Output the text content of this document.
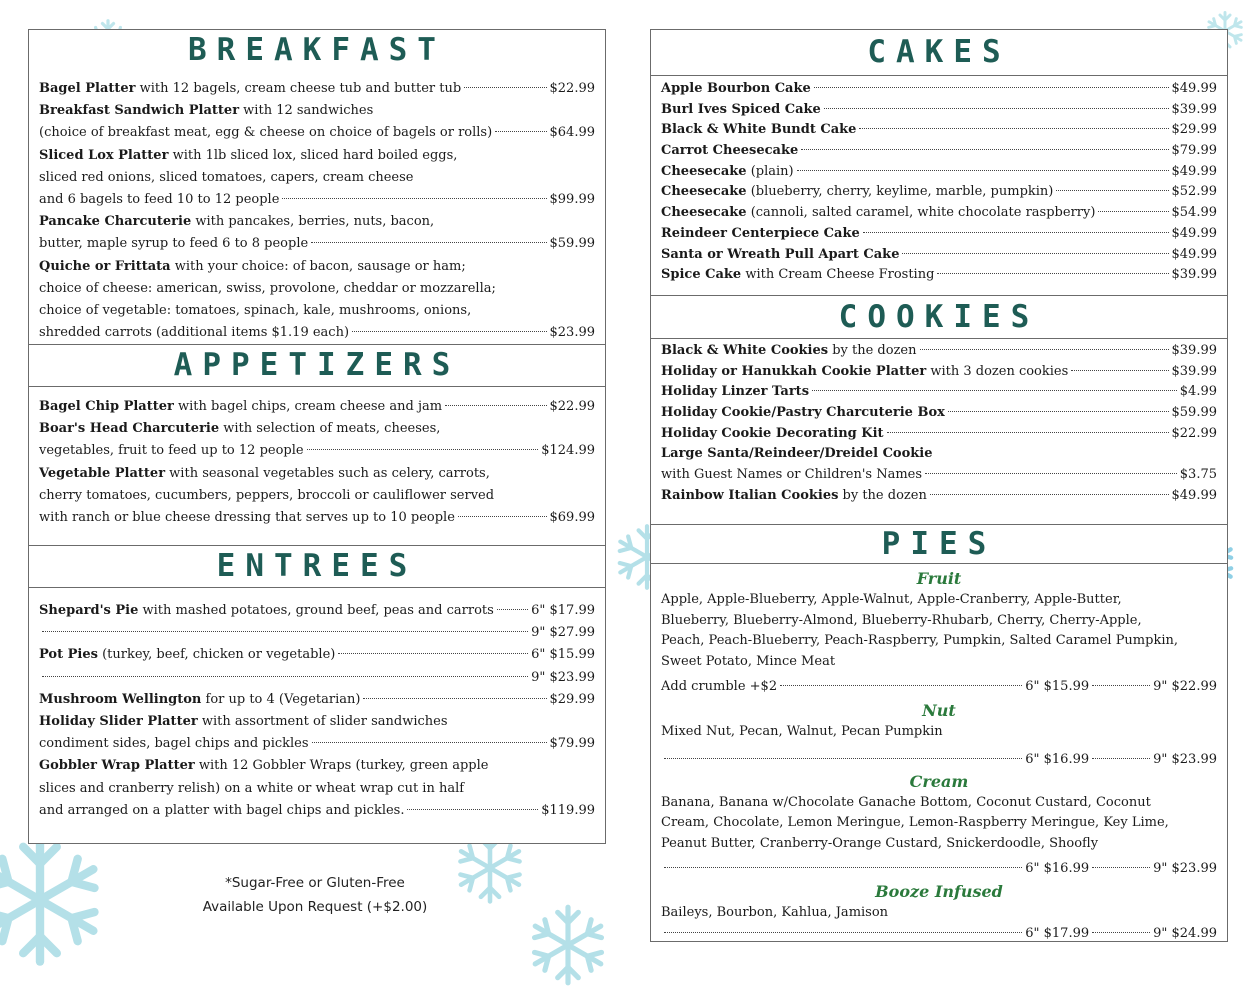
BREAKFAST
Bagel Platter with 12 bagels, cream cheese tub and butter tub	$22.99
Breakfast Sandwich Platter with 12 sandwiches
(choice of breakfast meat, egg & cheese on choice of bagels or rolls)	$64.99
Sliced Lox Platter with 1lb sliced lox, sliced hard boiled eggs,
sliced red onions, sliced tomatoes, capers, cream cheese
and 6 bagels to feed 10 to 12 people	$99.99
Pancake Charcuterie with pancakes, berries, nuts, bacon,
butter, maple syrup to feed 6 to 8 people	$59.99
Quiche or Frittata with your choice: of bacon, sausage or ham;
choice of cheese: american, swiss, provolone, cheddar or mozzarella;
choice of vegetable: tomatoes, spinach, kale, mushrooms, onions,
shredded carrots (additional items $1.19 each)	$23.99
APPETIZERS
Bagel Chip Platter with bagel chips, cream cheese and jam	$22.99
Boar's Head Charcuterie with selection of meats, cheeses,
vegetables, fruit to feed up to 12 people	$124.99
Vegetable Platter with seasonal vegetables such as celery, carrots,
cherry tomatoes, cucumbers, peppers, broccoli or cauliflower served
with ranch or blue cheese dressing that serves up to 10 people	$69.99
ENTREES
Shepard's Pie with mashed potatoes, ground beef, peas and carrots	6" $17.99
9" $27.99
Pot Pies (turkey, beef, chicken or vegetable)	6" $15.99
9" $23.99
Mushroom Wellington for up to 4 (Vegetarian)	$29.99
Holiday Slider Platter with assortment of slider sandwiches
condiment sides, bagel chips and pickles	$79.99
Gobbler Wrap Platter with 12 Gobbler Wraps (turkey, green apple
slices and cranberry relish) on a white or wheat wrap cut in half
and arranged on a platter with bagel chips and pickles.	$119.99
*Sugar-Free or Gluten-Free
Available Upon Request (+$2.00)
CAKES
Apple Bourbon Cake	$49.99
Burl Ives Spiced Cake	$39.99
Black & White Bundt Cake	$29.99
Carrot Cheesecake	$79.99
Cheesecake (plain)	$49.99
Cheesecake (blueberry, cherry, keylime, marble, pumpkin)	$52.99
Cheesecake (cannoli, salted caramel, white chocolate raspberry)	$54.99
Reindeer Centerpiece Cake	$49.99
Santa or Wreath Pull Apart Cake	$49.99
Spice Cake with Cream Cheese Frosting	$39.99
COOKIES
Black & White Cookies by the dozen	$39.99
Holiday or Hanukkah Cookie Platter with 3 dozen cookies	$39.99
Holiday Linzer Tarts	$4.99
Holiday Cookie/Pastry Charcuterie Box	$59.99
Holiday Cookie Decorating Kit	$22.99
Large Santa/Reindeer/Dreidel Cookie
with Guest Names or Children's Names	$3.75
Rainbow Italian Cookies by the dozen	$49.99
PIES
Fruit
Apple, Apple-Blueberry, Apple-Walnut, Apple-Cranberry, Apple-Butter,
Blueberry, Blueberry-Almond, Blueberry-Rhubarb, Cherry, Cherry-Apple,
Peach, Peach-Blueberry, Peach-Raspberry, Pumpkin, Salted Caramel Pumpkin,
Sweet Potato, Mince Meat
Add crumble +$2	6" $15.99	9" $22.99
Nut
Mixed Nut, Pecan, Walnut, Pecan Pumpkin
6" $16.99	9" $23.99
Cream
Banana, Banana w/Chocolate Ganache Bottom, Coconut Custard, Coconut
Cream, Chocolate, Lemon Meringue, Lemon-Raspberry Meringue, Key Lime,
Peanut Butter, Cranberry-Orange Custard, Snickerdoodle, Shoofly
6" $16.99	9" $23.99
Booze Infused
Baileys, Bourbon, Kahlua, Jamison
6" $17.99	9" $24.99
